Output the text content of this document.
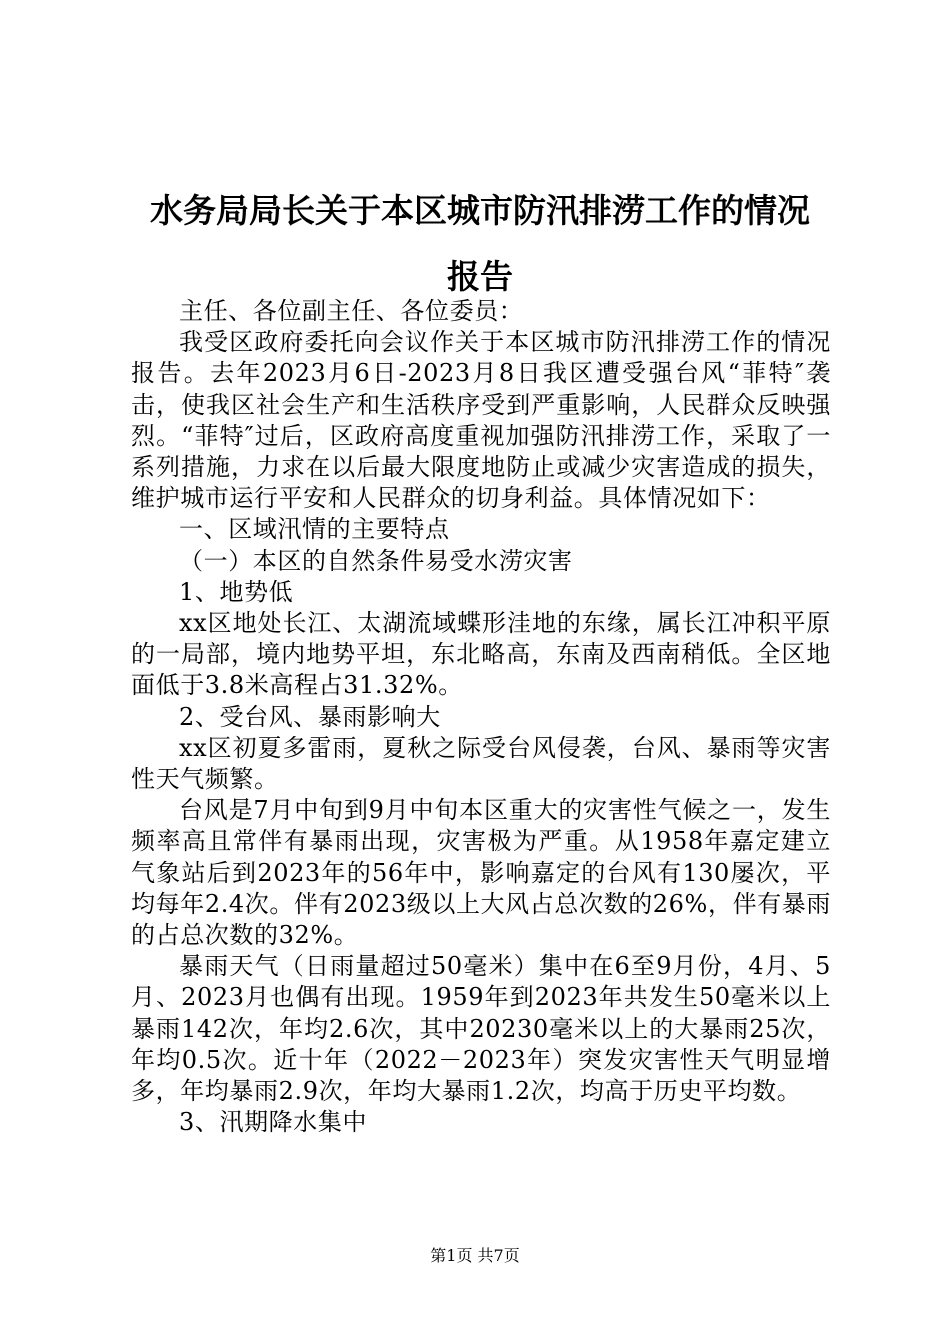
水务局局长关于本区城市防汛排涝工作的情况
报告

主任、各位副主任、各位委员：

我受区政府委托向会议作关于本区城市防汛排涝工作的情况报告。去年2023月6日-2023月8日我区遭受强台风“菲特″袭击，使我区社会生产和生活秩序受到严重影响，人民群众反映强烈。“菲特″过后，区政府高度重视加强防汛排涝工作，采取了一系列措施，力求在以后最大限度地防止或减少灾害造成的损失，维护城市运行平安和人民群众的切身利益。具体情况如下：

一、区域汛情的主要特点

（一）本区的自然条件易受水涝灾害

1、地势低

xx区地处长江、太湖流域蝶形洼地的东缘，属长江冲积平原的一局部，境内地势平坦，东北略高，东南及西南稍低。全区地面低于3.8米高程占31.32%。

2、受台风、暴雨影响大

xx区初夏多雷雨，夏秋之际受台风侵袭，台风、暴雨等灾害性天气频繁。

台风是7月中旬到9月中旬本区重大的灾害性气候之一，发生频率高且常伴有暴雨出现，灾害极为严重。从1958年嘉定建立气象站后到2023年的56年中，影响嘉定的台风有130屡次，平均每年2.4次。伴有2023级以上大风占总次数的26%，伴有暴雨的占总次数的32%。

暴雨天气（日雨量超过50毫米）集中在6至9月份，4月、5月、2023月也偶有出现。1959年到2023年共发生50毫米以上暴雨142次，年均2.6次，其中20230毫米以上的大暴雨25次，年均0.5次。近十年（2022－2023年）突发灾害性天气明显增多，年均暴雨2.9次，年均大暴雨1.2次，均高于历史平均数。

3、汛期降水集中

第1页 共7页
